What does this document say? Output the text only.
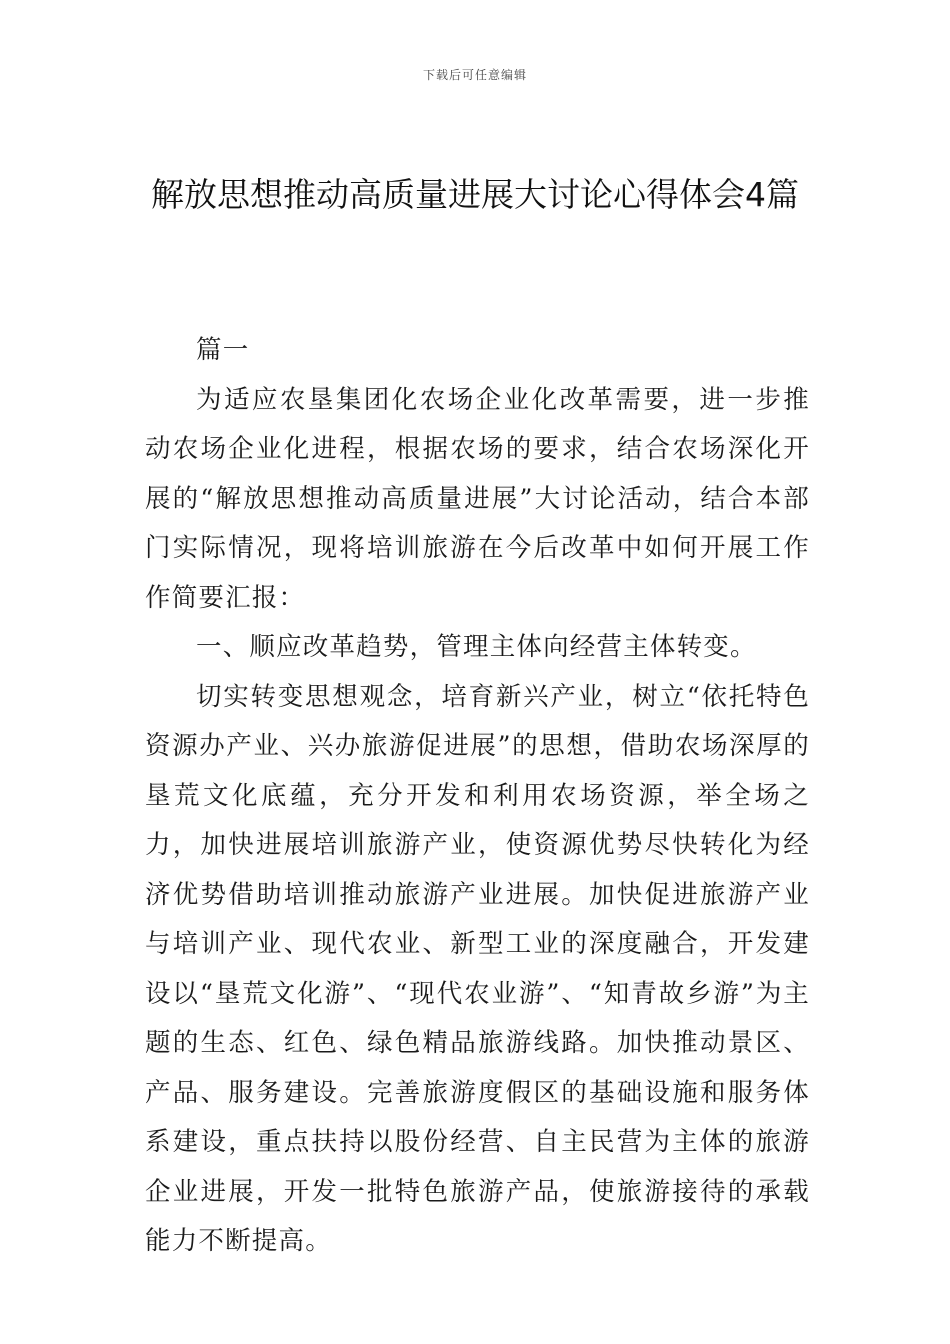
下载后可任意编辑
解放思想推动高质量进展大讨论心得体会4篇

篇一

为适应农垦集团化农场企业化改革需要，进一步推动农场企业化进程，根据农场的要求，结合农场深化开展的“解放思想推动高质量进展”大讨论活动，结合本部门实际情况，现将培训旅游在今后改革中如何开展工作作简要汇报：

一、顺应改革趋势，管理主体向经营主体转变。

切实转变思想观念，培育新兴产业，树立“依托特色资源办产业、兴办旅游促进展”的思想，借助农场深厚的垦荒文化底蕴，充分开发和利用农场资源，举全场之力，加快进展培训旅游产业，使资源优势尽快转化为经济优势借助培训推动旅游产业进展。加快促进旅游产业与培训产业、现代农业、新型工业的深度融合，开发建设以“垦荒文化游”、“现代农业游”、“知青故乡游”为主题的生态、红色、绿色精品旅游线路。加快推动景区、产品、服务建设。完善旅游度假区的基础设施和服务体系建设，重点扶持以股份经营、自主民营为主体的旅游企业进展，开发一批特色旅游产品，使旅游接待的承载能力不断提高。
